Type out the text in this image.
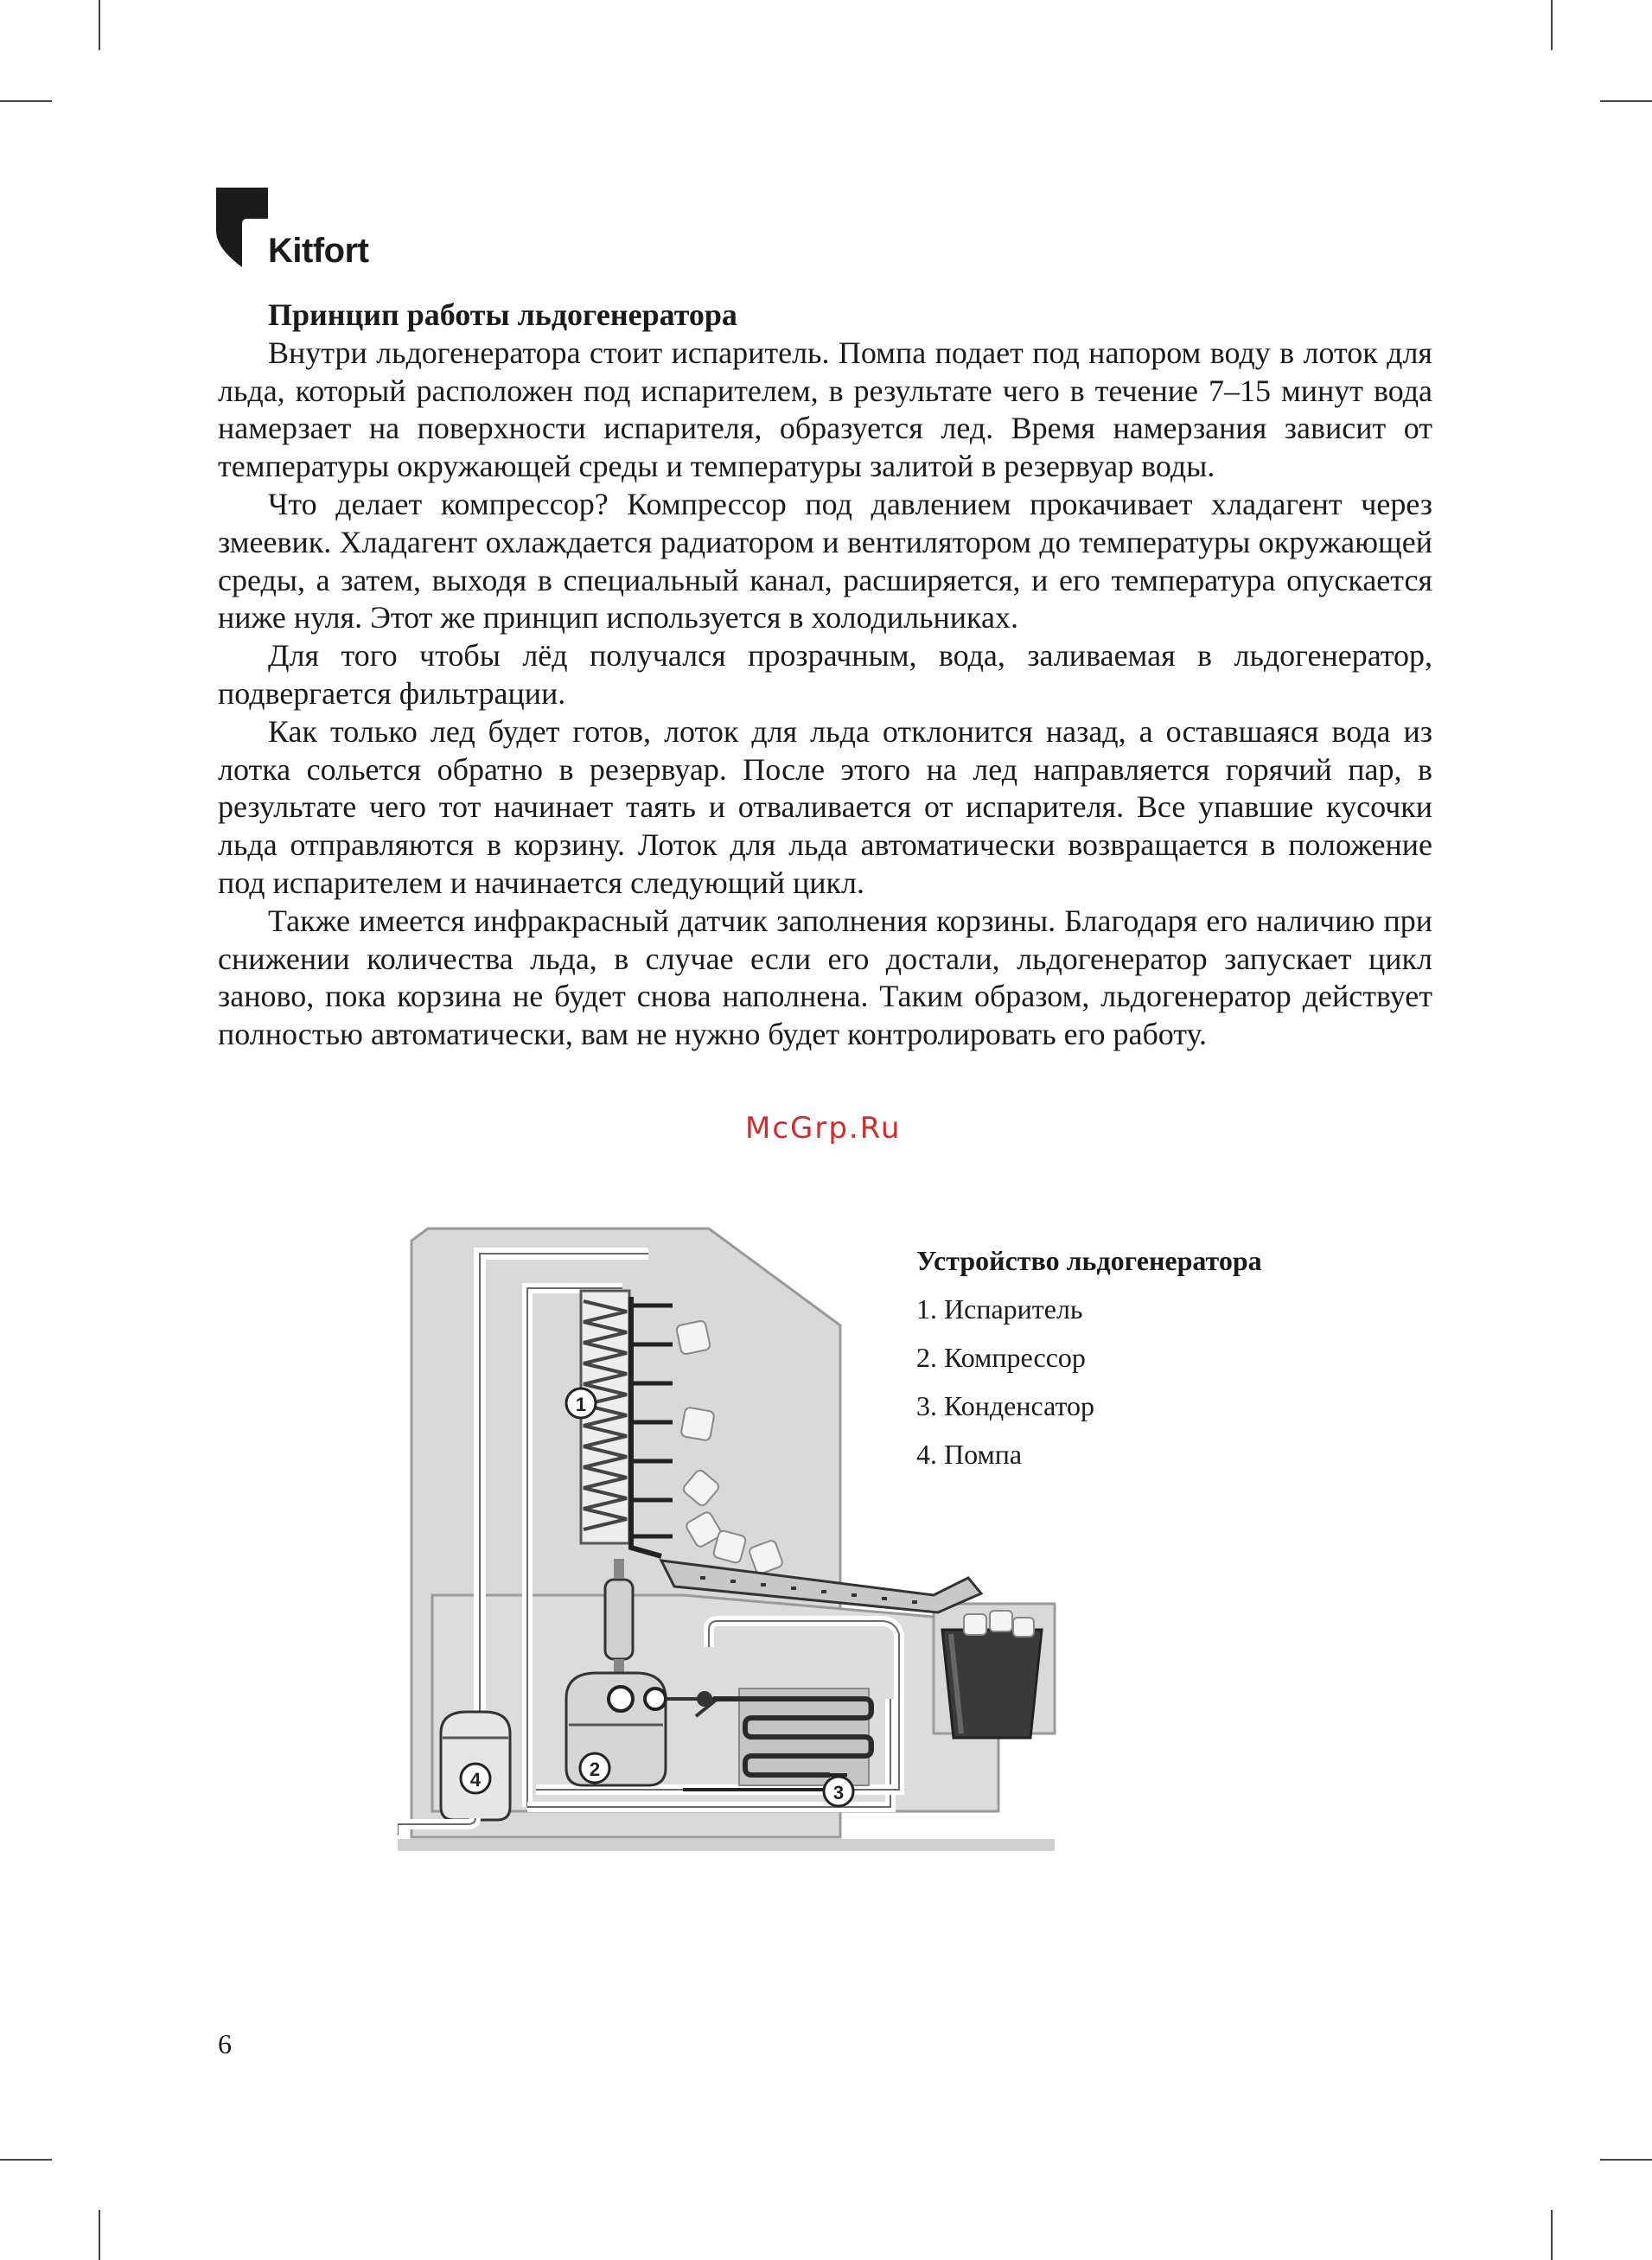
Kitfort
Принцип работы льдогенератора

Внутри льдогенератора стоит испаритель. Помпа подает под напором воду в лоток для льда, который расположен под испарителем, в результате чего в течение 7–15 минут вода намерзает на поверхности испарителя, образуется лед. Время намерзания зависит от температуры окружающей среды и температуры залитой в резервуар воды.

Что делает компрессор? Компрессор под давлением прокачивает хладагент через змеевик. Хладагент охлаждается радиатором и вентилятором до температуры окружающей среды, а затем, выходя в специальный канал, расширяется, и его температура опускается ниже нуля. Этот же принцип используется в холодильниках.

Для того чтобы лёд получался прозрачным, вода, заливаемая в льдогенератор, подвергается фильтрации.

Как только лед будет готов, лоток для льда отклонится назад, а оставшаяся вода из лотка сольется обратно в резервуар. После этого на лед направляется горячий пар, в результате чего тот начинает таять и отваливается от испарителя. Все упавшие кусочки льда отправляются в корзину. Лоток для льда автоматически возвращается в положение под испарителем и начинается следующий цикл.

Также имеется инфракрасный датчик заполнения корзины. Благодаря его наличию при снижении количества льда, в случае если его достали, льдогенератор запускает цикл заново, пока корзина не будет снова наполнена. Таким образом, льдогенератор действует полностью автоматически, вам не нужно будет контролировать его работу.

McGrp.Ru
1
2
3
4
Устройство льдогенератора
1. Испаритель
2. Компрессор
3. Конденсатор
4. Помпа
6
